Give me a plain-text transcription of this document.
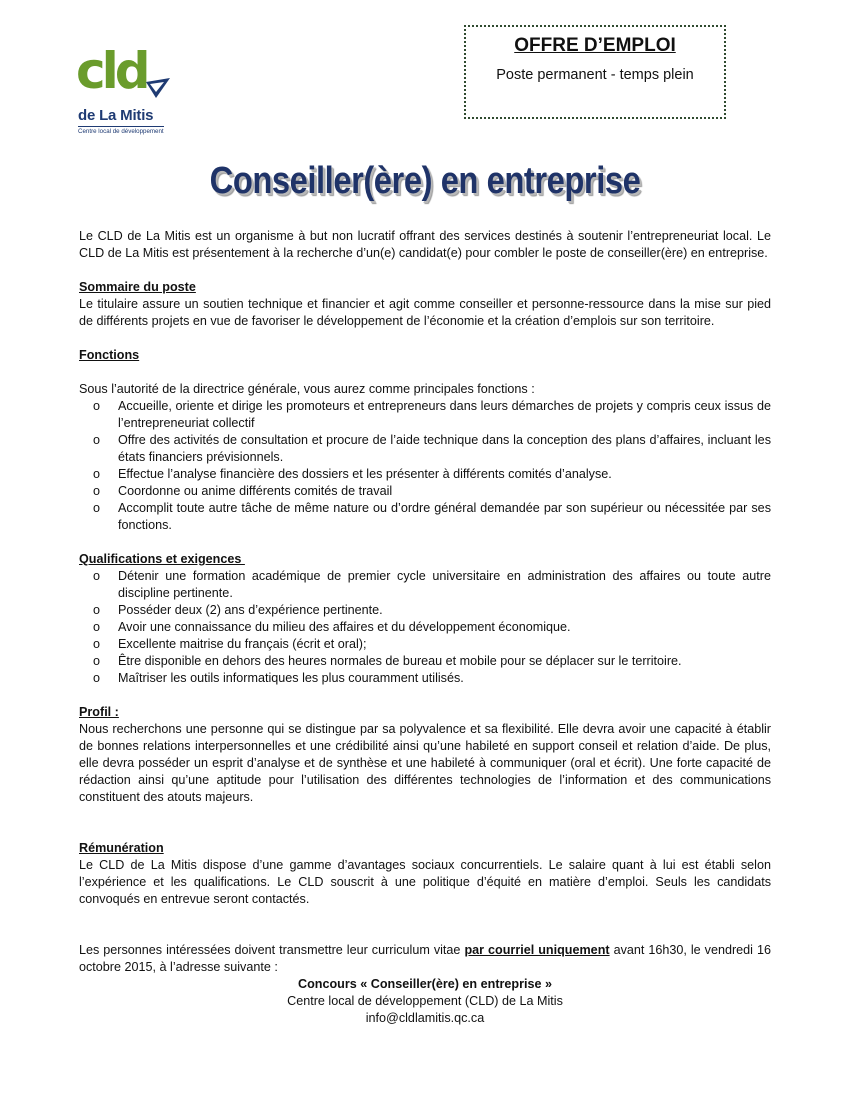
cld
de La Mitis
Centre local de développement
OFFRE D’EMPLOI
Poste permanent - temps plein
Conseiller(ère) en entreprise

Le CLD de La Mitis est un organisme à but non lucratif offrant des services destinés à soutenir l’entrepreneuriat local. Le CLD de La Mitis est présentement à la recherche d’un(e) candidat(e) pour combler le poste de conseiller(ère) en entreprise.

Sommaire du poste

Le titulaire assure un soutien technique et financier et agit comme conseiller et personne-ressource dans la mise sur pied de différents projets en vue de favoriser le développement de l’économie et la création d’emplois sur son territoire.

Fonctions

Sous l’autorité de la directrice générale, vous aurez comme principales fonctions :

o Accueille, oriente et dirige les promoteurs et entrepreneurs dans leurs démarches de projets y compris ceux issus de l’entrepreneuriat collectif
o Offre des activités de consultation et procure de l’aide technique dans la conception des plans d’affaires, incluant les états financiers prévisionnels.
o Effectue l’analyse financière des dossiers et les présenter à différents comités d’analyse.
o Coordonne ou anime différents comités de travail
o Accomplit toute autre tâche de même nature ou d’ordre général demandée par son supérieur ou nécessitée par ses fonctions.
Qualifications et exigences
o Détenir une formation académique de premier cycle universitaire en administration des affaires ou toute autre discipline pertinente.
o Posséder deux (2) ans d’expérience pertinente.
o Avoir une connaissance du milieu des affaires et du développement économique.
o Excellente maitrise du français (écrit et oral);
o Être disponible en dehors des heures normales de bureau et mobile pour se déplacer sur le territoire.
o Maîtriser les outils informatiques les plus couramment utilisés.
Profil :

Nous recherchons une personne qui se distingue par sa polyvalence et sa flexibilité. Elle devra avoir une capacité à établir de bonnes relations interpersonnelles et une crédibilité ainsi qu’une habileté en support conseil et relation d’aide. De plus, elle devra posséder un esprit d’analyse et de synthèse et une habileté à communiquer (oral et écrit). Une forte capacité de rédaction ainsi qu’une aptitude pour l’utilisation des différentes technologies de l’information et des communications constituent des atouts majeurs.

Rémunération

Le CLD de La Mitis dispose d’une gamme d’avantages sociaux concurrentiels. Le salaire quant à lui est établi selon l’expérience et les qualifications. Le CLD souscrit à une politique d’équité en matière d’emploi. Seuls les candidats convoqués en entrevue seront contactés.

Les personnes intéressées doivent transmettre leur curriculum vitae par courriel uniquement avant 16h30, le vendredi 16 octobre 2015, à l’adresse suivante :

Concours « Conseiller(ère) en entreprise »

Centre local de développement (CLD) de La Mitis

info@cldlamitis.qc.ca
